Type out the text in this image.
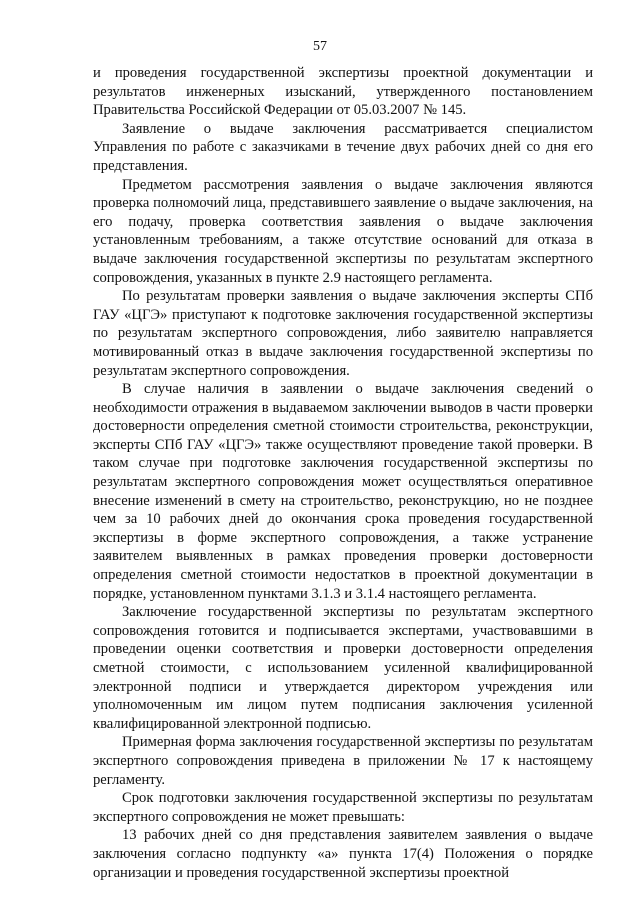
57

и проведения государственной экспертизы проектной документации и результатов инженерных изысканий, утвержденного постановлением Правительства Российской Федерации от 05.03.2007 № 145.

Заявление о выдаче заключения рассматривается специалистом Управления по работе с заказчиками в течение двух рабочих дней со дня его представления.

Предметом рассмотрения заявления о выдаче заключения являются проверка полномочий лица, представившего заявление о выдаче заключения, на его подачу, проверка соответствия заявления о выдаче заключения установленным требованиям, а также отсутствие оснований для отказа в выдаче заключения государственной экспертизы по результатам экспертного сопровождения, указанных в пункте 2.9 настоящего регламента.

По результатам проверки заявления о выдаче заключения эксперты СПб ГАУ «ЦГЭ» приступают к подготовке заключения государственной экспертизы по результатам экспертного сопровождения, либо заявителю направляется мотивированный отказ в выдаче заключения государственной экспертизы по результатам экспертного сопровождения.

В случае наличия в заявлении о выдаче заключения сведений о необходимости отражения в выдаваемом заключении выводов в части проверки достоверности определения сметной стоимости строительства, реконструкции, эксперты СПб ГАУ «ЦГЭ» также осуществляют проведение такой проверки. В таком случае при подготовке заключения государственной экспертизы по результатам экспертного сопровождения может осуществляться оперативное внесение изменений в смету на строительство, реконструкцию, но не позднее чем за 10 рабочих дней до окончания срока проведения государственной экспертизы в форме экспертного сопровождения, а также устранение заявителем выявленных в рамках проведения проверки достоверности определения сметной стоимости недостатков в проектной документации в порядке, установленном пунктами 3.1.3 и 3.1.4 настоящего регламента.

Заключение государственной экспертизы по результатам экспертного сопровождения готовится и подписывается экспертами, участвовавшими в проведении оценки соответствия и проверки достоверности определения сметной стоимости, с использованием усиленной квалифицированной электронной подписи и утверждается директором учреждения или уполномоченным им лицом путем подписания заключения усиленной квалифицированной электронной подписью.

Примерная форма заключения государственной экспертизы по результатам экспертного сопровождения приведена в приложении № 17 к настоящему регламенту.

Срок подготовки заключения государственной экспертизы по результатам экспертного сопровождения не может превышать:

13 рабочих дней со дня представления заявителем заявления о выдаче заключения согласно подпункту «а» пункта 17(4) Положения о порядке организации и проведения государственной экспертизы проектной
